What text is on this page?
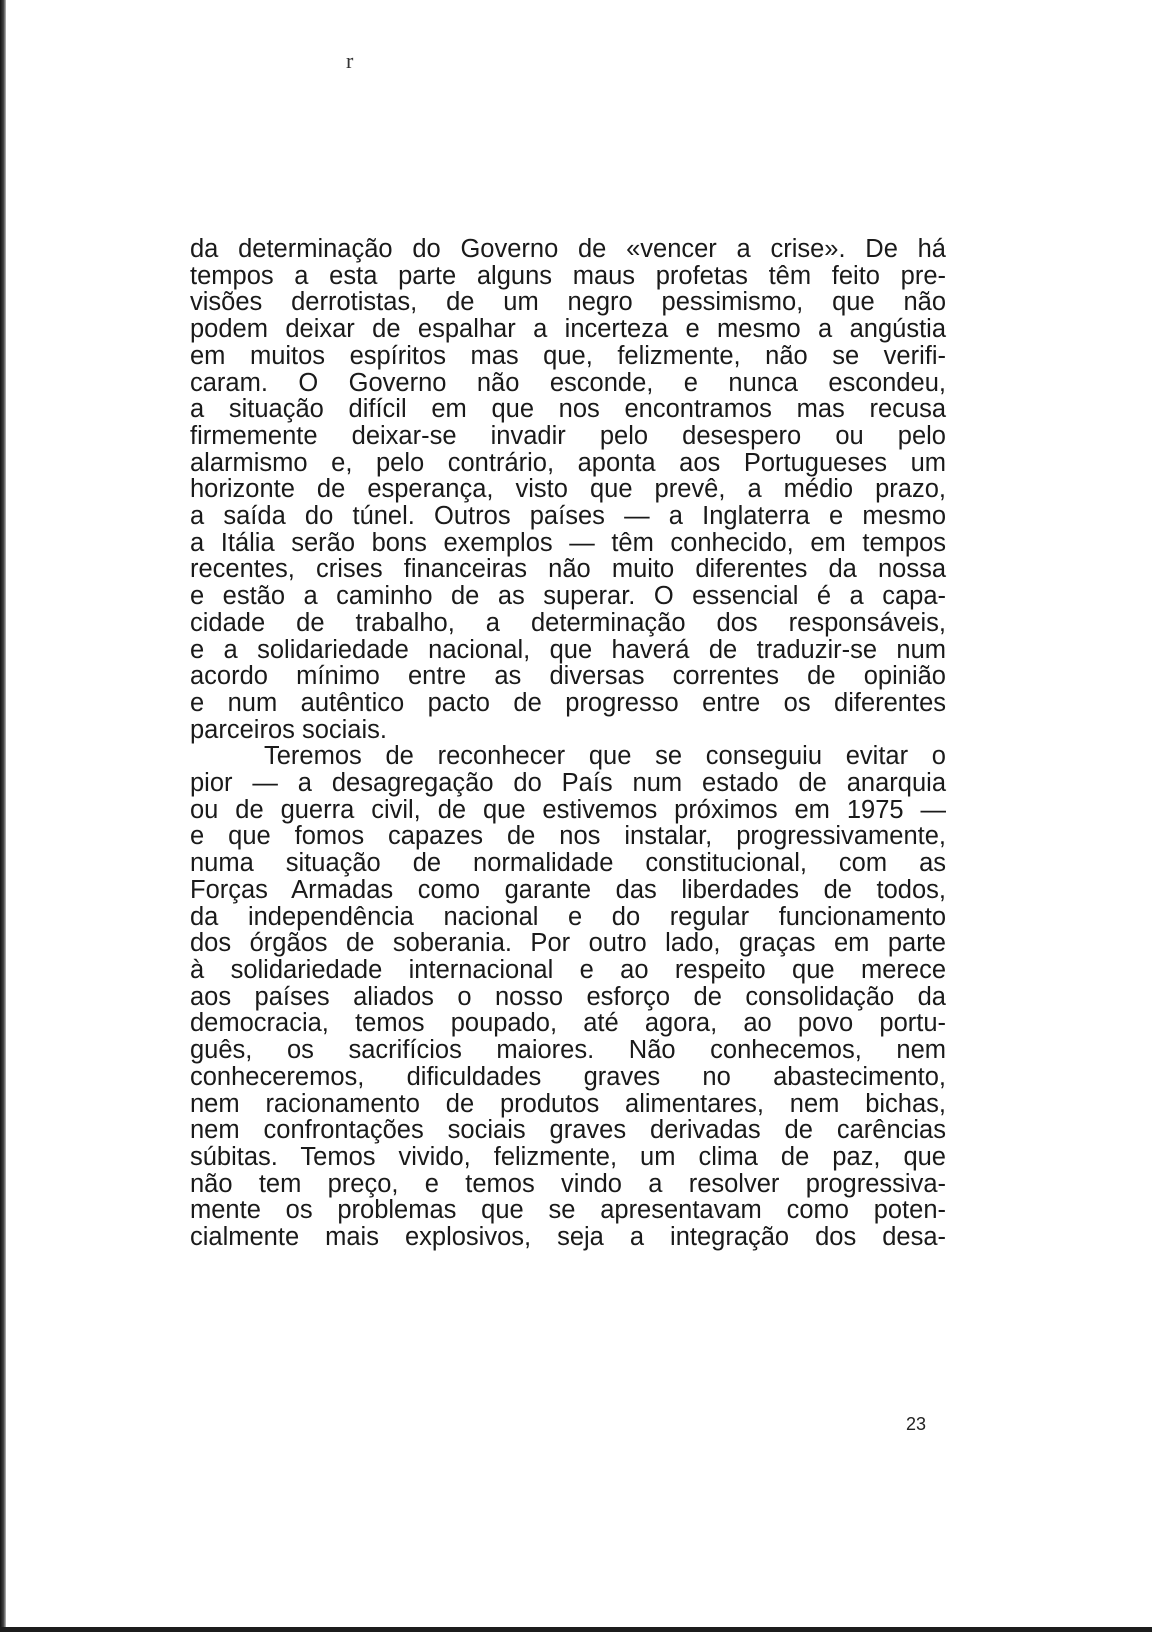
r
da determinação do Governo de «vencer a crise». De há
tempos a esta parte alguns maus profetas têm feito pre-
visões derrotistas, de um negro pessimismo, que não
podem deixar de espalhar a incerteza e mesmo a angústia
em muitos espíritos mas que, felizmente, não se verifi-
caram. O Governo não esconde, e nunca escondeu,
a situação difícil em que nos encontramos mas recusa
firmemente deixar-se invadir pelo desespero ou pelo
alarmismo e, pelo contrário, aponta aos Portugueses um
horizonte de esperança, visto que prevê, a médio prazo,
a saída do túnel. Outros países — a Inglaterra e mesmo
a Itália serão bons exemplos — têm conhecido, em tempos
recentes, crises financeiras não muito diferentes da nossa
e estão a caminho de as superar. O essencial é a capa-
cidade de trabalho, a determinação dos responsáveis,
e a solidariedade nacional, que haverá de traduzir-se num
acordo mínimo entre as diversas correntes de opinião
e num autêntico pacto de progresso entre os diferentes
parceiros sociais.
Teremos de reconhecer que se conseguiu evitar o
pior — a desagregação do País num estado de anarquia
ou de guerra civil, de que estivemos próximos em 1975 —
e que fomos capazes de nos instalar, progressivamente,
numa situação de normalidade constitucional, com as
Forças Armadas como garante das liberdades de todos,
da independência nacional e do regular funcionamento
dos órgãos de soberania. Por outro lado, graças em parte
à solidariedade internacional e ao respeito que merece
aos países aliados o nosso esforço de consolidação da
democracia, temos poupado, até agora, ao povo portu-
guês, os sacrifícios maiores. Não conhecemos, nem
conheceremos, dificuldades graves no abastecimento,
nem racionamento de produtos alimentares, nem bichas,
nem confrontações sociais graves derivadas de carências
súbitas. Temos vivido, felizmente, um clima de paz, que
não tem preço, e temos vindo a resolver progressiva-
mente os problemas que se apresentavam como poten-
cialmente mais explosivos, seja a integração dos desa-
23
